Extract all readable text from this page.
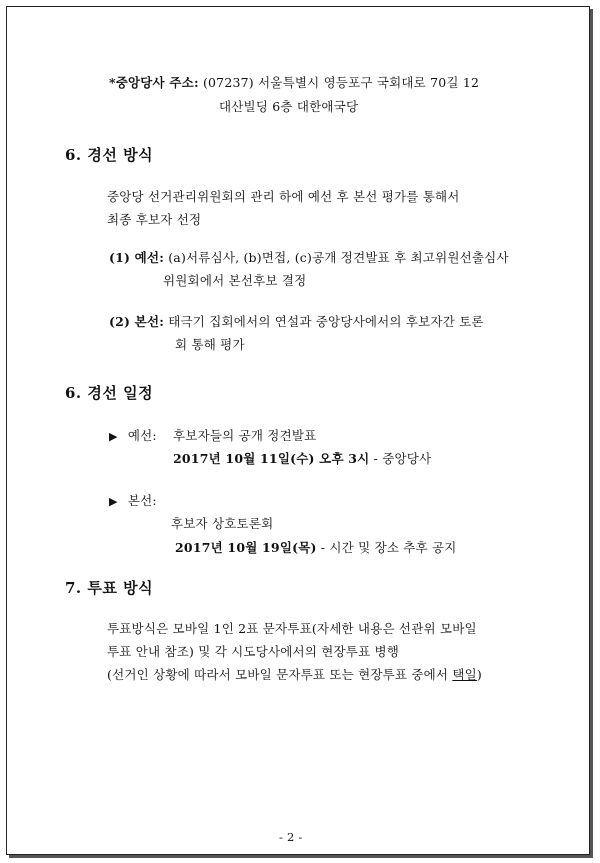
*중앙당사 주소: (07237) 서울특별시 영등포구 국회대로 70길 12
대산빌딩 6층 대한애국당
6. 경선 방식
중앙당 선거관리위원회의 관리 하에 예선 후 본선 평가를 통해서
최종 후보자 선정
(1) 예선: (a)서류심사, (b)면접, (c)공개 정견발표 후 최고위원선출심사
위원회에서 본선후보 결정
(2) 본선: 태극기 집회에서의 연설과 중앙당사에서의 후보자간 토론
회 통해 평가
6. 경선 일정
▶ 예선: 후보자들의 공개 정견발표
2017년 10월 11일(수) 오후 3시 - 중앙당사
▶ 본선:
후보자 상호토론회
2017년 10월 19일(목) - 시간 및 장소 추후 공지
7. 투표 방식
투표방식은 모바일 1인 2표 문자투표(자세한 내용은 선관위 모바일
투표 안내 참조) 및 각 시도당사에서의 현장투표 병행
(선거인 상황에 따라서 모바일 문자투표 또는 현장투표 중에서 택일)
- 2 -
